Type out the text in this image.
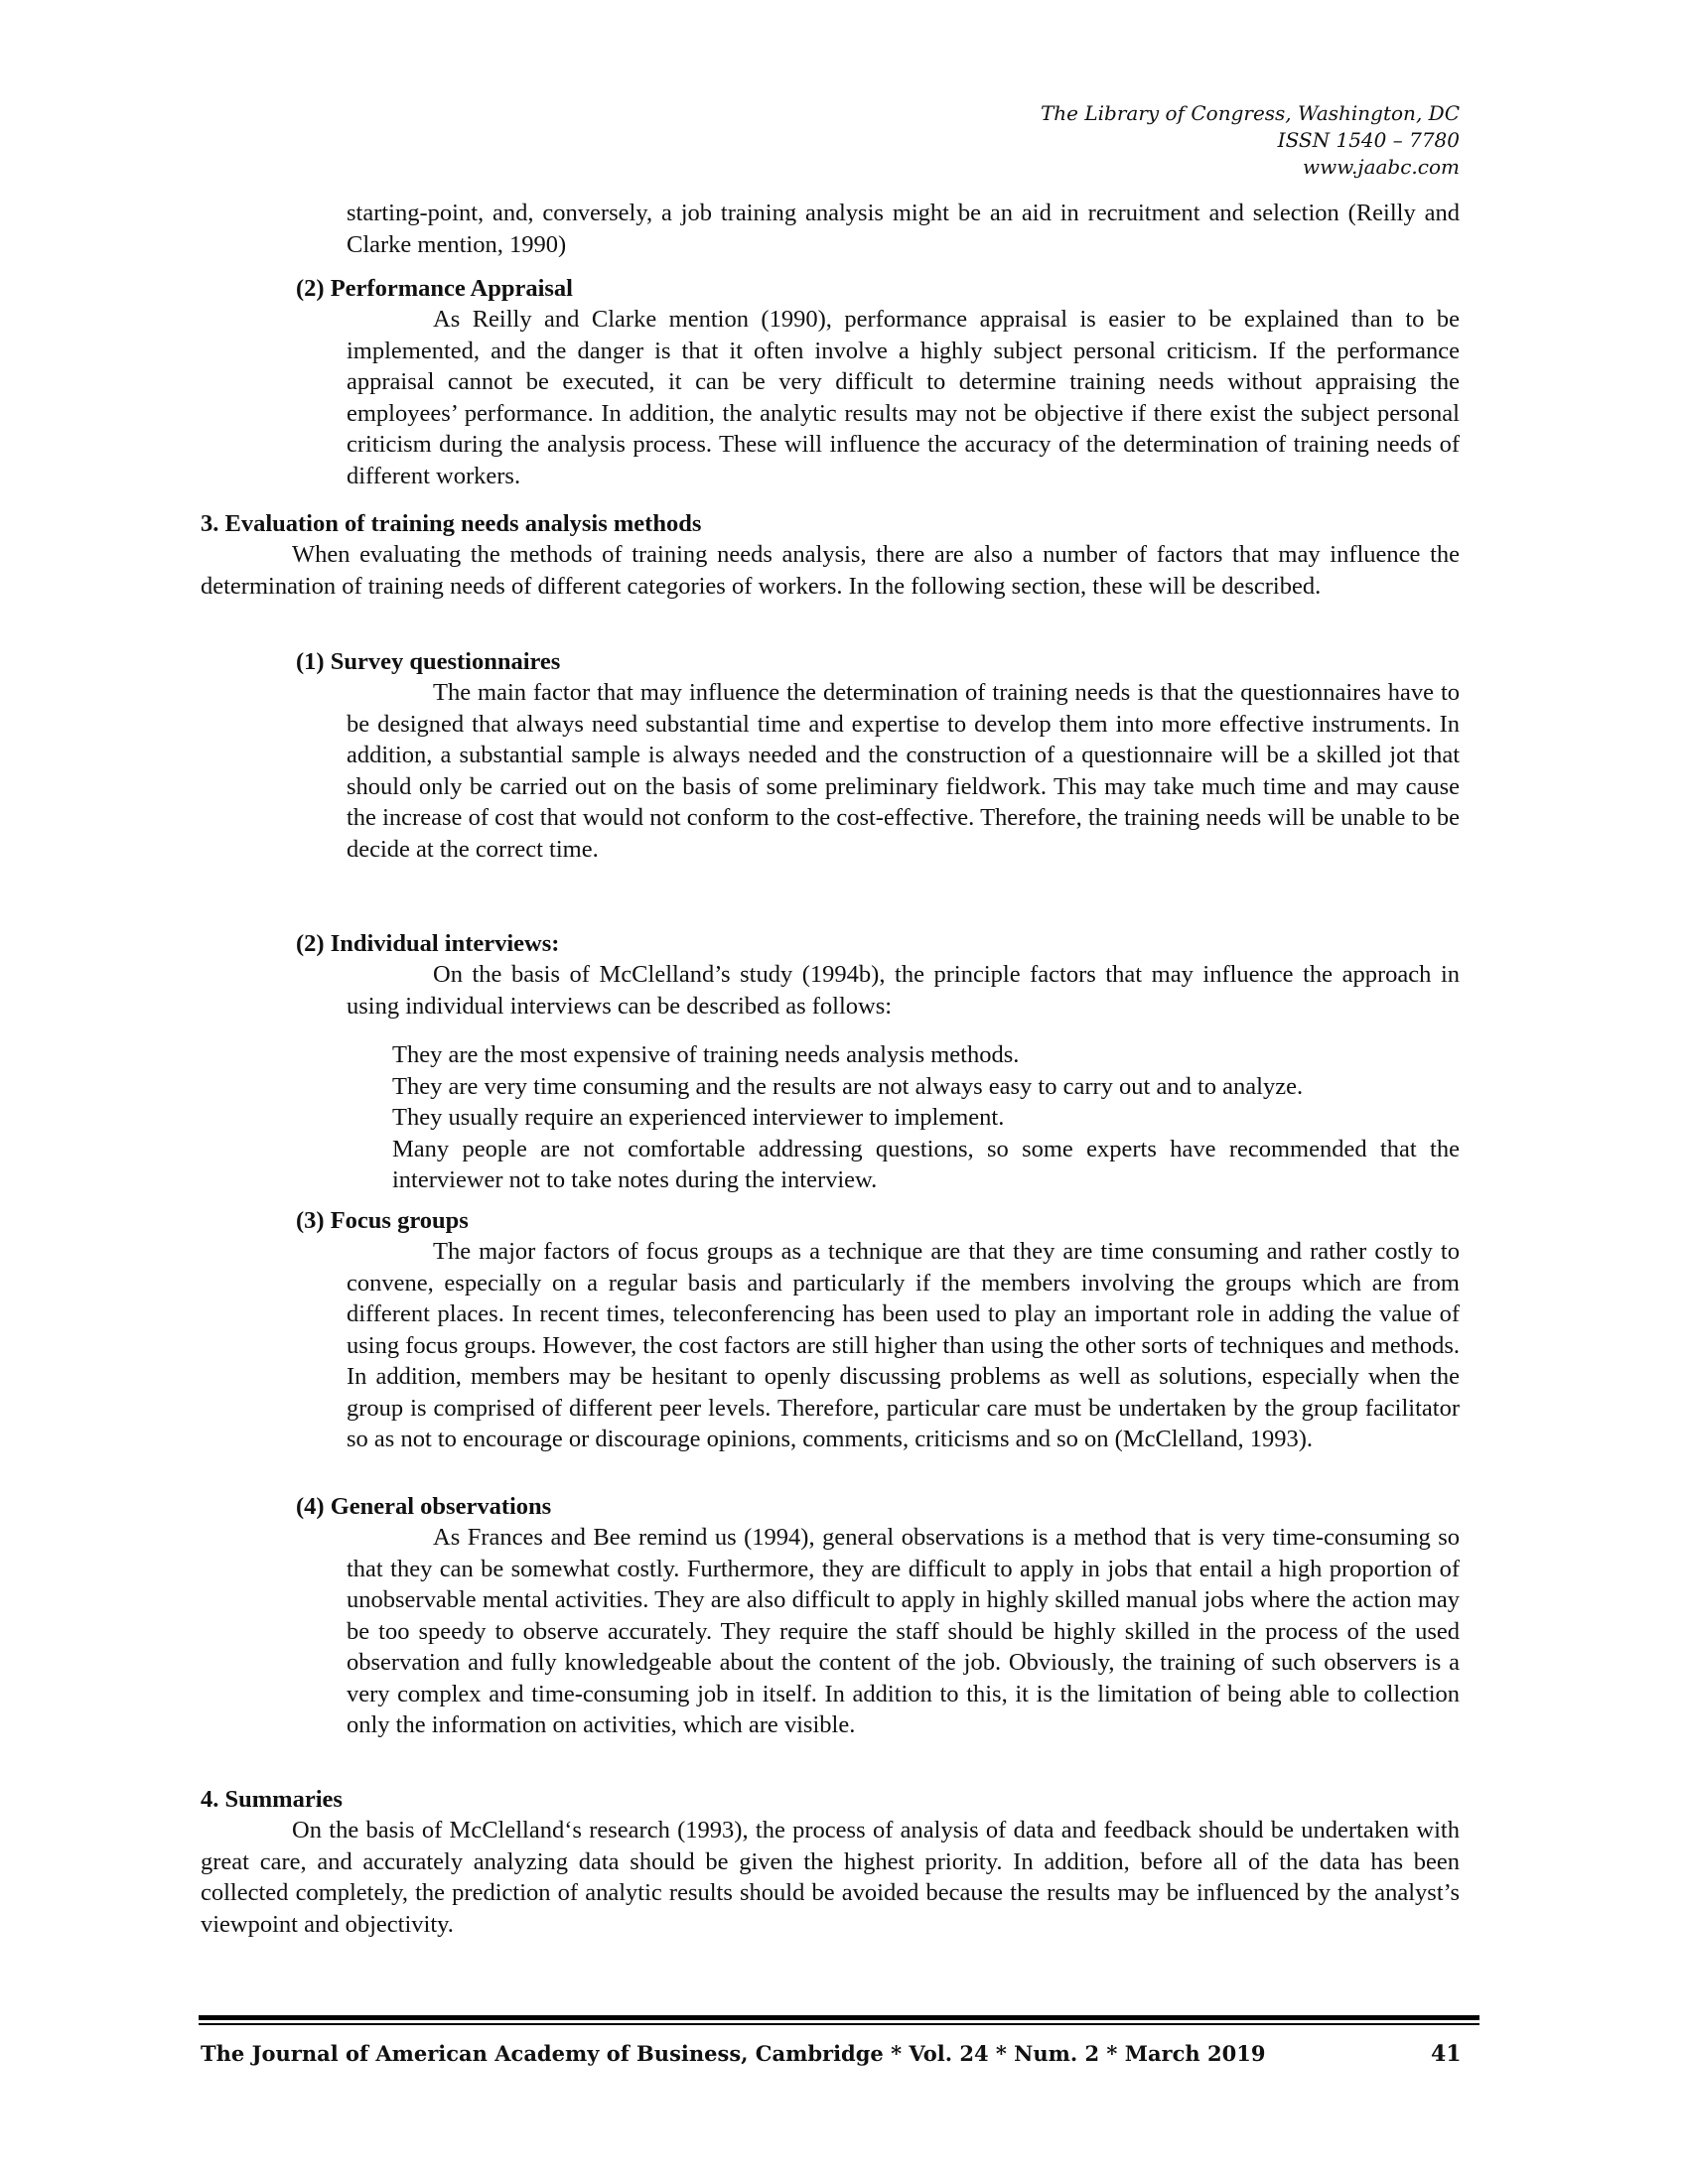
The Library of Congress, Washington, DC
ISSN 1540 – 7780
www.jaabc.com

starting-point, and, conversely, a job training analysis might be an aid in recruitment and selection (Reilly and Clarke mention, 1990)

(2) Performance Appraisal

As Reilly and Clarke mention (1990), performance appraisal is easier to be explained than to be implemented, and the danger is that it often involve a highly subject personal criticism. If the performance appraisal cannot be executed, it can be very difficult to determine training needs without appraising the employees’ performance. In addition, the analytic results may not be objective if there exist the subject personal criticism during the analysis process. These will influence the accuracy of the determination of training needs of different workers.

3. Evaluation of training needs analysis methods

When evaluating the methods of training needs analysis, there are also a number of factors that may influence the determination of training needs of different categories of workers. In the following section, these will be described.

(1) Survey questionnaires

The main factor that may influence the determination of training needs is that the questionnaires have to be designed that always need substantial time and expertise to develop them into more effective instruments. In addition, a substantial sample is always needed and the construction of a questionnaire will be a skilled jot that should only be carried out on the basis of some preliminary fieldwork. This may take much time and may cause the increase of cost that would not conform to the cost-effective. Therefore, the training needs will be unable to be decide at the correct time.

(2) Individual interviews:

On the basis of McClelland’s study (1994b), the principle factors that may influence the approach in using individual interviews can be described as follows:

They are the most expensive of training needs analysis methods.
They are very time consuming and the results are not always easy to carry out and to analyze.
They usually require an experienced interviewer to implement.
Many people are not comfortable addressing questions, so some experts have recommended that the interviewer not to take notes during the interview.
(3) Focus groups

The major factors of focus groups as a technique are that they are time consuming and rather costly to convene, especially on a regular basis and particularly if the members involving the groups which are from different places. In recent times, teleconferencing has been used to play an important role in adding the value of using focus groups. However, the cost factors are still higher than using the other sorts of techniques and methods. In addition, members may be hesitant to openly discussing problems as well as solutions, especially when the group is comprised of different peer levels. Therefore, particular care must be undertaken by the group facilitator so as not to encourage or discourage opinions, comments, criticisms and so on (McClelland, 1993).

(4) General observations

As Frances and Bee remind us (1994), general observations is a method that is very time-consuming so that they can be somewhat costly. Furthermore, they are difficult to apply in jobs that entail a high proportion of unobservable mental activities. They are also difficult to apply in highly skilled manual jobs where the action may be too speedy to observe accurately. They require the staff should be highly skilled in the process of the used observation and fully knowledgeable about the content of the job. Obviously, the training of such observers is a very complex and time-consuming job in itself. In addition to this, it is the limitation of being able to collection only the information on activities, which are visible.

4. Summaries

On the basis of McClelland‘s research (1993), the process of analysis of data and feedback should be undertaken with great care, and accurately analyzing data should be given the highest priority. In addition, before all of the data has been collected completely, the prediction of analytic results should be avoided because the results may be influenced by the analyst’s viewpoint and objectivity.

The Journal of American Academy of Business, Cambridge * Vol. 24 * Num. 2 * March 2019	41
